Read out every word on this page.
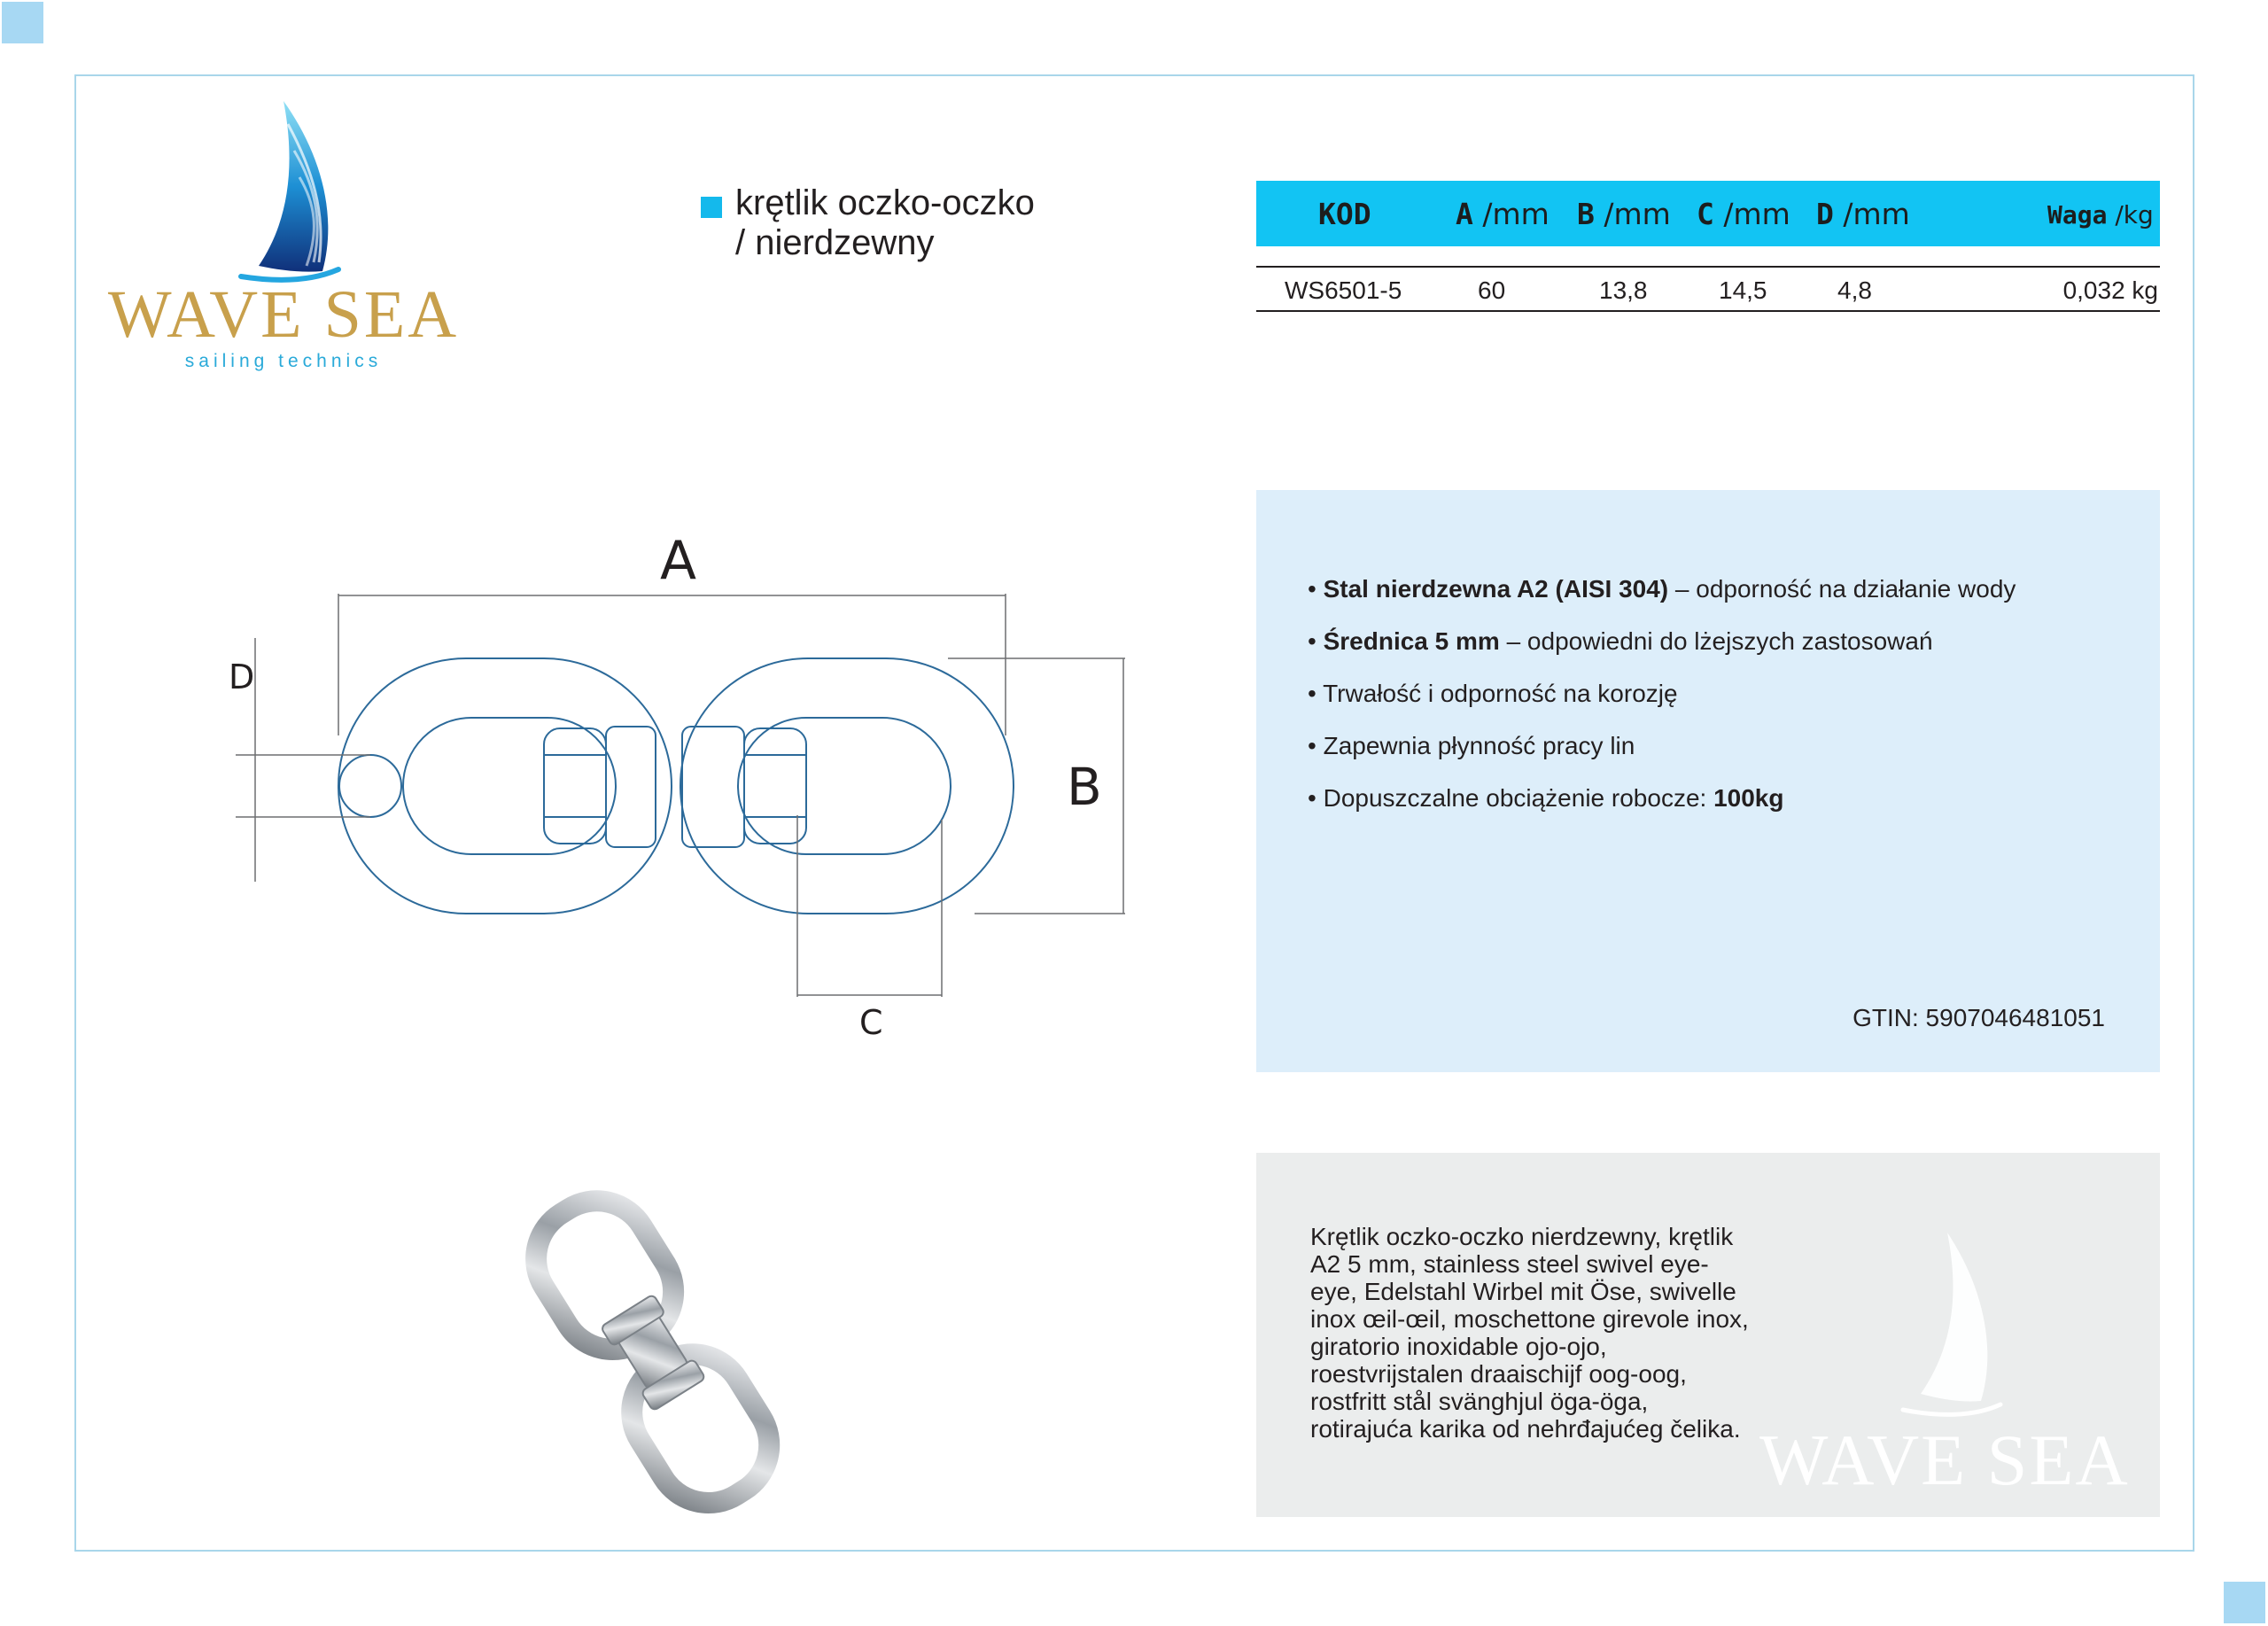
WAVE SEA
sailing technics
krętlik oczko-oczko
/ nierdzewny
KOD	A /mm B /mm C /mm D /mm	Waga /kg
WS6501-5	60	13,8	14,5	4,8	0,032 kg
A
B
C
D
• Stal nierdzewna A2 (AISI 304) – odporność na działanie wody
• Średnica 5 mm – odpowiedni do lżejszych zastosowań
• Trwałość i odporność na korozję
• Zapewnia płynność pracy lin
• Dopuszczalne obciążenie robocze: 100kg
GTIN: 5907046481051
Krętlik oczko-oczko nierdzewny, krętlik
A2 5 mm, stainless steel swivel eye-
eye, Edelstahl Wirbel mit Öse, swivelle
inox œil-œil, moschettone girevole inox,
giratorio inoxidable ojo-ojo,
roestvrijstalen draaischijf oog-oog,
rostfritt stål svänghjul öga-öga,
rotirajuća karika od nehrđajućeg čelika. WAVE SEA
